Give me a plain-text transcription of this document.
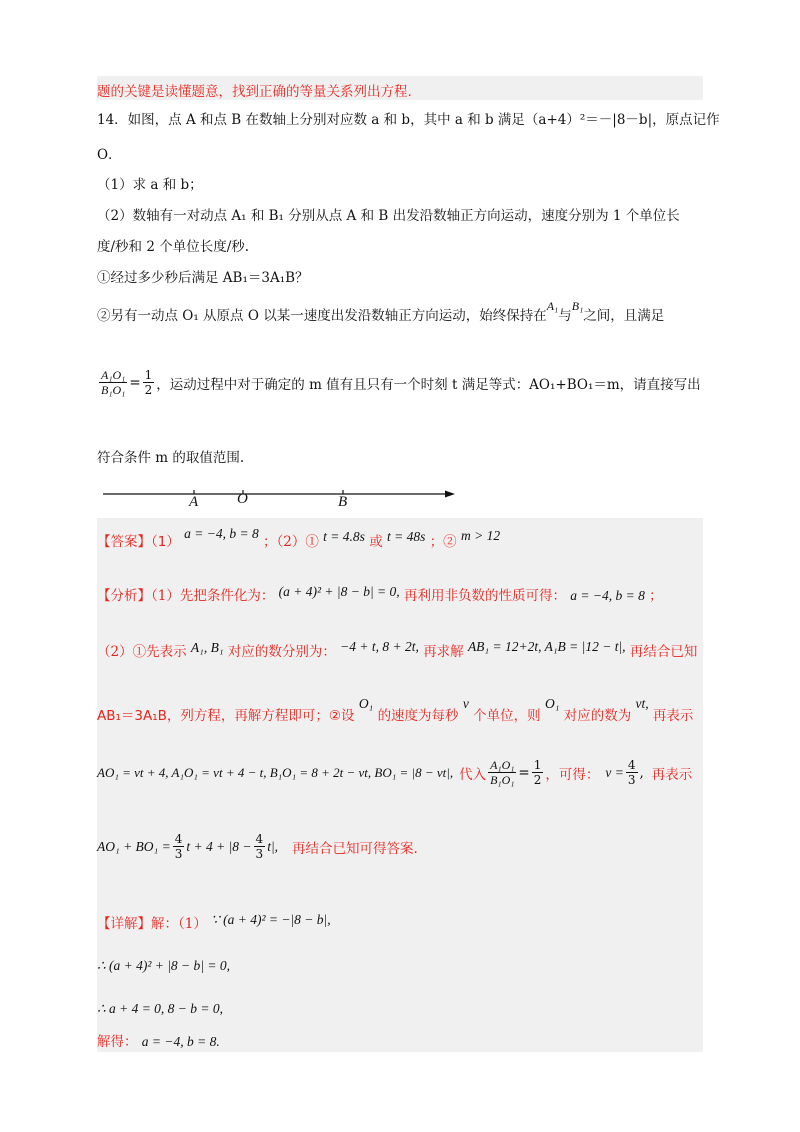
题的关键是读懂题意，找到正确的等量关系列出方程.
14．如图，点 A 和点 B 在数轴上分别对应数 a 和 b，其中 a 和 b 满足（a+4）²＝－|8－b|，原点记作
O．
（1）求 a 和 b；
（2）数轴有一对动点 A₁ 和 B₁ 分别从点 A 和 B 出发沿数轴正方向运动，速度分别为 1 个单位长
度/秒和 2 个单位长度/秒.
①经过多少秒后满足 AB₁＝3A₁B？
②另有一动点 O₁ 从原点 O 以某一速度出发沿数轴正方向运动，始终保持在A₁与B₁之间，且满足
$\frac{\text{A₁O₁}}{\text{B₁O₁}} = \frac{1}{2}$ ，运动过程中对于确定的 m 值有且只有一个时刻 t 满足等式：AO₁+BO₁＝m，请直接写出
符合条件 m 的取值范围.
A	O	B
【答案】（1） a = −4, b = 8 ；（2）① t = 4.8s 或 t = 48s ；② m > 12
【分析】（1）先把条件化为： (a + 4)² + |8 − b| = 0, 再利用非负数的性质可得： a = −4, b = 8 ；
（2）①先表示 A₁, B₁ 对应的数分别为： −4 + t, 8 + 2t, 再求解 AB₁ = 12+2t, A₁B = |12 − t|, 再结合已知
AB₁＝3A₁B，列方程，再解方程即可；②设 O₁ 的速度为每秒 v 个单位，则 O₁ 对应的数为 vt, 再表示
AO₁ = vt + 4, A₁O₁ = vt + 4 − t, B₁O₁ = 8 + 2t − vt, BO₁ = |8 − vt|, 代入 $\frac{\text{A₁O₁}}{\text{B₁O₁}} = \frac{1}{2}$ ，可得： $v = \frac{4}{3}$ , 再表示
$AO_1 + BO_1 = \frac{4}{3}$ $t + 4 + |8 - \frac{4}{3} t|$, 再结合已知可得答案.
【详解】解：（1） ∵ (a + 4)² = −|8 − b|,
∴ (a + 4)² + |8 − b| = 0,
∴ a + 4 = 0, 8 − b = 0,
解得： a = −4, b = 8.
